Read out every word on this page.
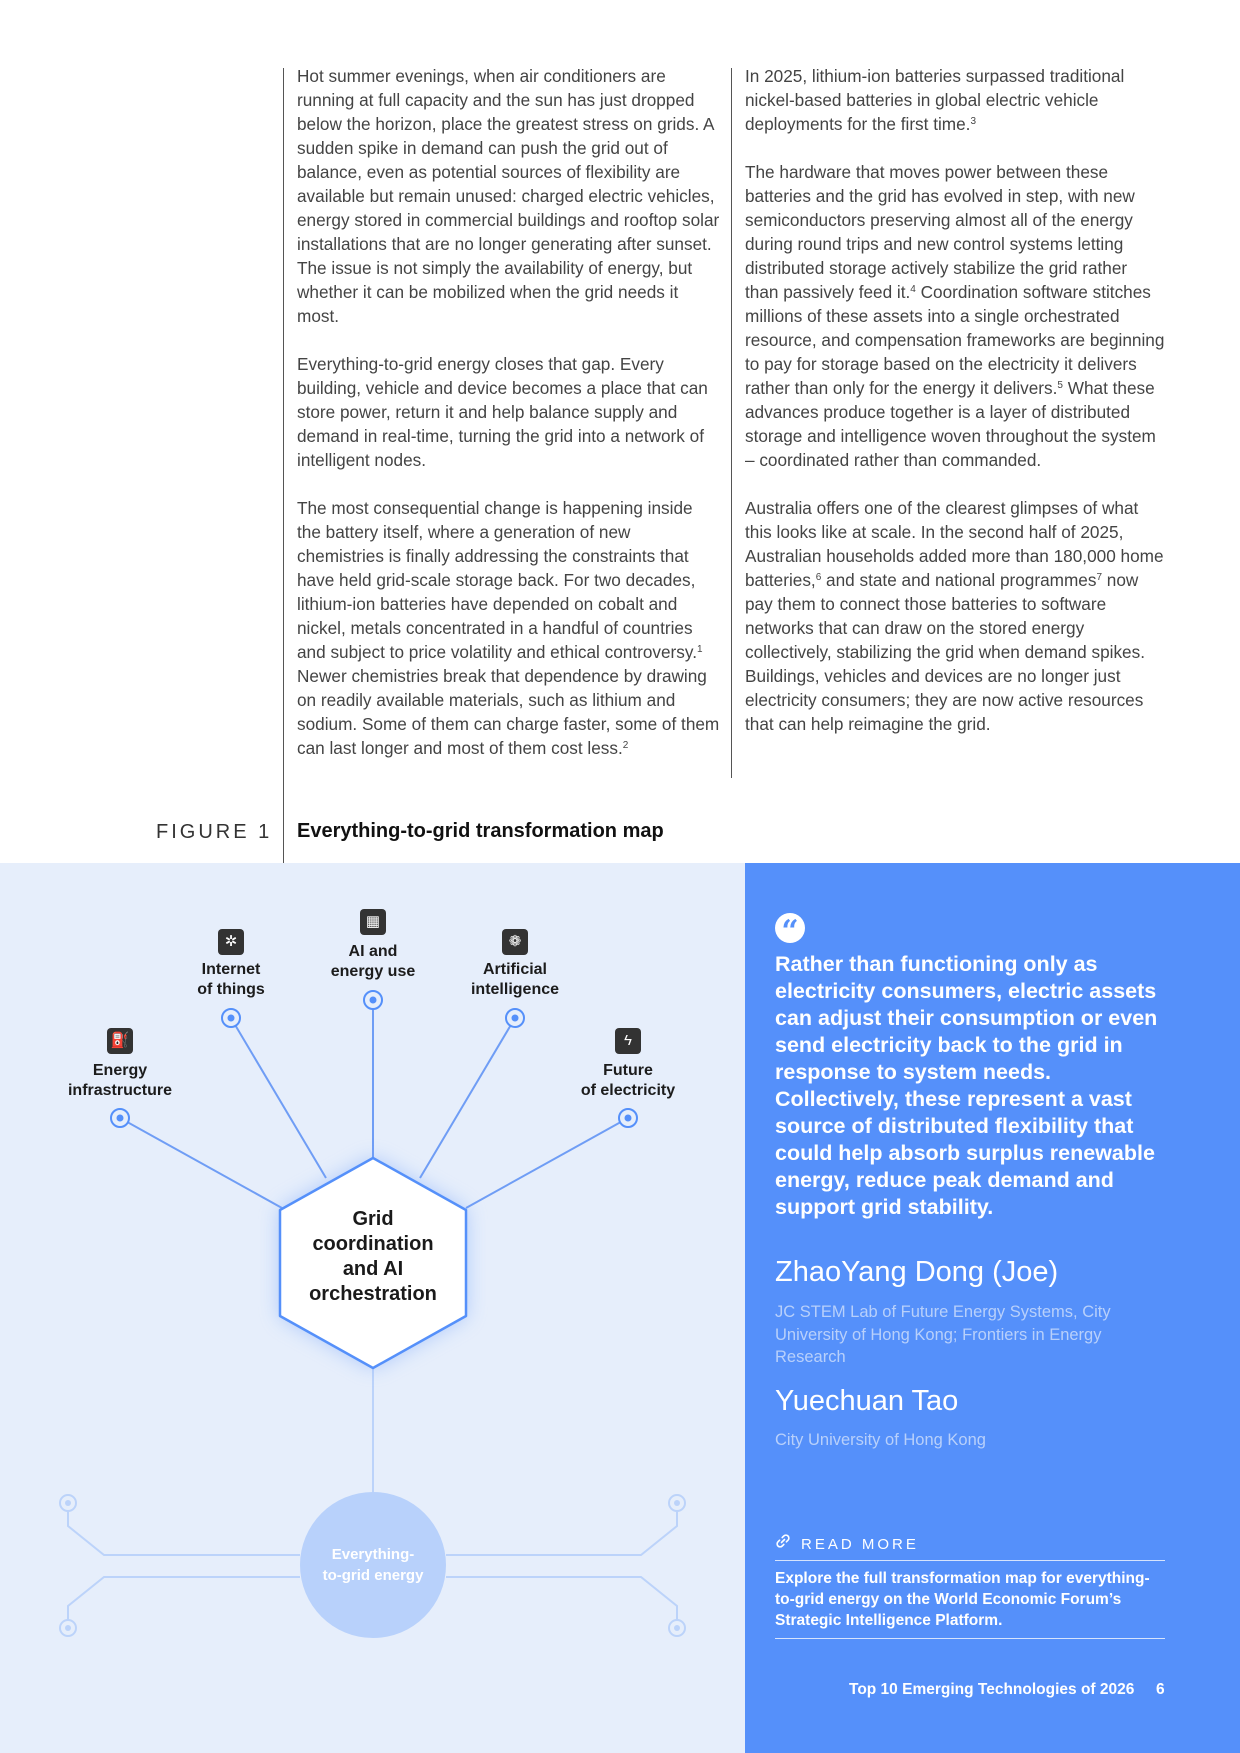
Hot summer evenings, when air conditioners are running at full capacity and the sun has just dropped below the horizon, place the greatest stress on grids. A sudden spike in demand can push the grid out of balance, even as potential sources of flexibility are available but remain unused: charged electric vehicles, energy stored in commercial buildings and rooftop solar installations that are no longer generating after sunset. The issue is not simply the availability of energy, but whether it can be mobilized when the grid needs it most.

Everything-to-grid energy closes that gap. Every building, vehicle and device becomes a place that can store power, return it and help balance supply and demand in real-time, turning the grid into a network of intelligent nodes.

The most consequential change is happening inside the battery itself, where a generation of new chemistries is finally addressing the constraints that have held grid-scale storage back. For two decades, lithium-ion batteries have depended on cobalt and nickel, metals concentrated in a handful of countries and subject to price volatility and ethical controversy.$^1$ Newer chemistries break that dependence by drawing on readily available materials, such as lithium and sodium. Some of them can charge faster, some of them can last longer and most of them cost less.$^2$

In 2025, lithium-ion batteries surpassed traditional nickel-based batteries in global electric vehicle deployments for the first time.$^3$

The hardware that moves power between these batteries and the grid has evolved in step, with new semiconductors preserving almost all of the energy during round trips and new control systems letting distributed storage actively stabilize the grid rather than passively feed it.$^4$ Coordination software stitches millions of these assets into a single orchestrated resource, and compensation frameworks are beginning to pay for storage based on the electricity it delivers rather than only for the energy it delivers.$^5$ What these advances produce together is a layer of distributed storage and intelligence woven throughout the system – coordinated rather than commanded.

Australia offers one of the clearest glimpses of what this looks like at scale. In the second half of 2025, Australian households added more than 180,000 home batteries,$^6$ and state and national programmes$^7$ now pay them to connect those batteries to software networks that can draw on the stored energy collectively, stabilizing the grid when demand spikes. Buildings, vehicles and devices are no longer just electricity consumers; they are now active resources that can help reimagine the grid.

FIGURE 1 Everything-to-grid transformation map
⛽
✲
▦
❁
ϟ
Energy
infrastructure
Internet
of things
AI and
energy use	Artificial
intelligence
Future
of electricity
Grid
coordination
and AI
orchestration
Everything-
to-grid energy
“
Rather than functioning only as electricity consumers, electric assets can adjust their consumption or even send electricity back to the grid in response to system needs. Collectively, these represent a vast source of distributed flexibility that could help absorb surplus renewable energy, reduce peak demand and support grid stability.
ZhaoYang Dong (Joe)
JC STEM Lab of Future Energy Systems, City University of Hong Kong; Frontiers in Energy Research
Yuechuan Tao
City University of Hong Kong
READ MORE
Explore the full transformation map for everything-to-grid energy on the World Economic Forum’s Strategic Intelligence Platform.
Top 10 Emerging Technologies of 2026 6
